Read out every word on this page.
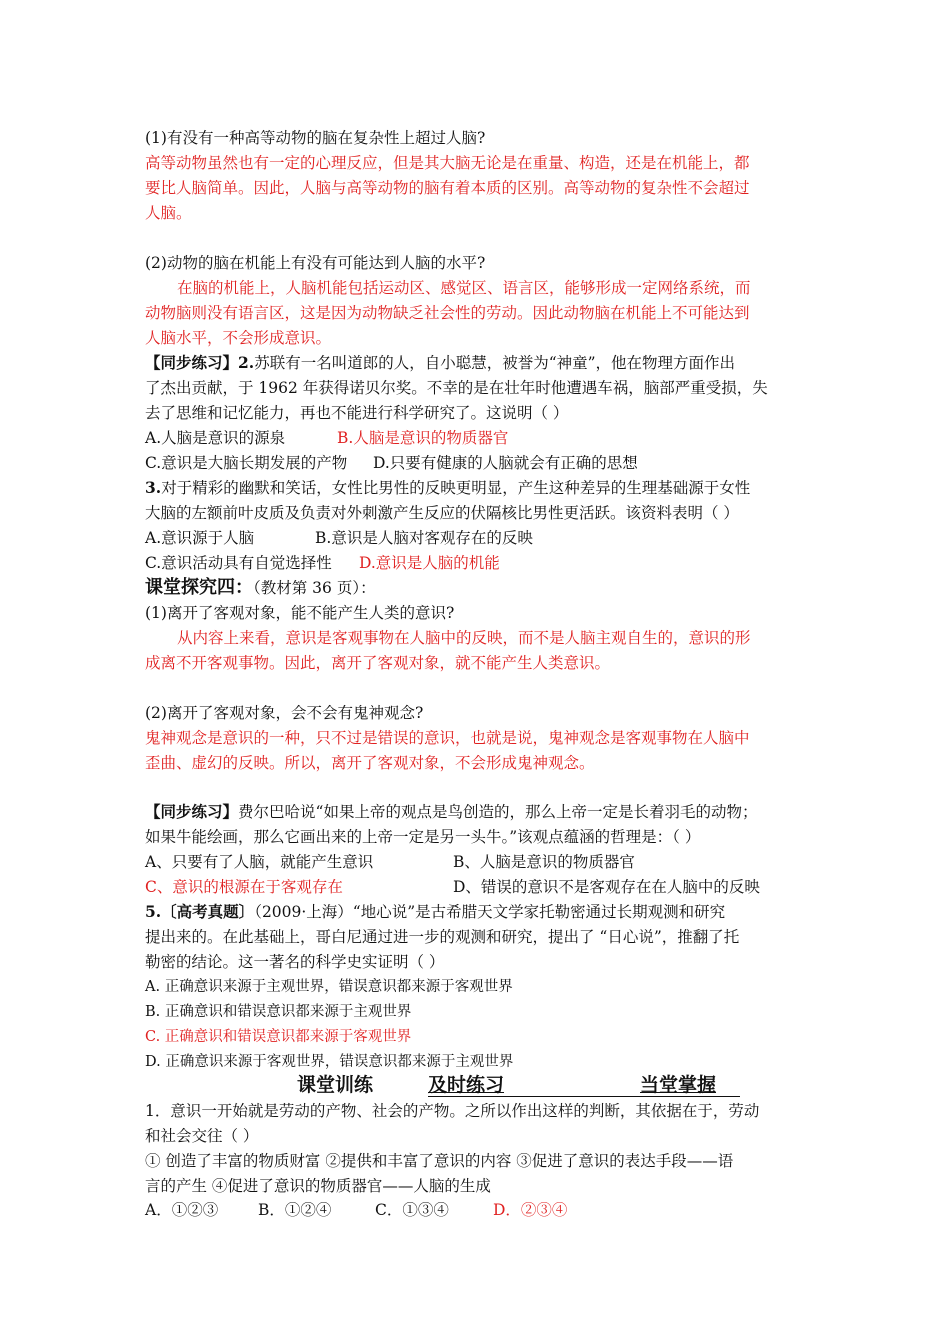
(1)有没有一种高等动物的脑在复杂性上超过人脑?
高等动物虽然也有一定的心理反应，但是其大脑无论是在重量、构造，还是在机能上，都
要比人脑简单。因此，人脑与高等动物的脑有着本质的区别。高等动物的复杂性不会超过
人脑。
(2)动物的脑在机能上有没有可能达到人脑的水平?
在脑的机能上，人脑机能包括运动区、感觉区、语言区，能够形成一定网络系统，而
动物脑则没有语言区，这是因为动物缺乏社会性的劳动。因此动物脑在机能上不可能达到
人脑水平，不会形成意识。
【同步练习】2.苏联有一名叫道郎的人，自小聪慧，被誉为“神童”，他在物理方面作出
了杰出贡献，于 1962 年获得诺贝尔奖。不幸的是在壮年时他遭遇车祸，脑部严重受损，失
去了思维和记忆能力，再也不能进行科学研究了。这说明（ ）
A.人脑是意识的源泉	B.人脑是意识的物质器官
C.意识是大脑长期发展的产物 D.只要有健康的人脑就会有正确的思想
3.对于精彩的幽默和笑话，女性比男性的反映更明显，产生这种差异的生理基础源于女性
大脑的左额前叶皮质及负责对外刺激产生反应的伏隔核比男性更活跃。该资料表明（ ）
A.意识源于人脑	B.意识是人脑对客观存在的反映
C.意识活动具有自觉选择性 D.意识是人脑的机能
课堂探究四：（教材第 36 页）：
(1)离开了客观对象，能不能产生人类的意识?
从内容上来看，意识是客观事物在人脑中的反映，而不是人脑主观自生的，意识的形
成离不开客观事物。因此，离开了客观对象，就不能产生人类意识。
(2)离开了客观对象，会不会有鬼神观念?
鬼神观念是意识的一种，只不过是错误的意识，也就是说，鬼神观念是客观事物在人脑中
歪曲、虚幻的反映。所以，离开了客观对象，不会形成鬼神观念。
【同步练习】费尔巴哈说“如果上帝的观点是鸟创造的，那么上帝一定是长着羽毛的动物；
如果牛能绘画，那么它画出来的上帝一定是另一头牛。”该观点蕴涵的哲理是：（ ）
A、只要有了人脑，就能产生意识	B、人脑是意识的物质器官
C、意识的根源在于客观存在	D、错误的意识不是客观存在在人脑中的反映
5.〔高考真题〕（2009·上海）“地心说”是古希腊天文学家托勒密通过长期观测和研究
提出来的。在此基础上，哥白尼通过进一步的观测和研究，提出了 “日心说”，推翻了托
勒密的结论。这一著名的科学史实证明（ ）
A. 正确意识来源于主观世界，错误意识都来源于客观世界
B. 正确意识和错误意识都来源于主观世界
C. 正确意识和错误意识都来源于客观世界
D. 正确意识来源于客观世界，错误意识都来源于主观世界
课堂训练	及时练习	当堂掌握
1．意识一开始就是劳动的产物、社会的产物。之所以作出这样的判断，其依据在于，劳动
和社会交往（ ）
① 创造了丰富的物质财富 ②提供和丰富了意识的内容 ③促进了意识的表达手段——语
言的产生 ④促进了意识的物质器官——人脑的生成
A．①②③	B．①②④	C．①③④	D．②③④
